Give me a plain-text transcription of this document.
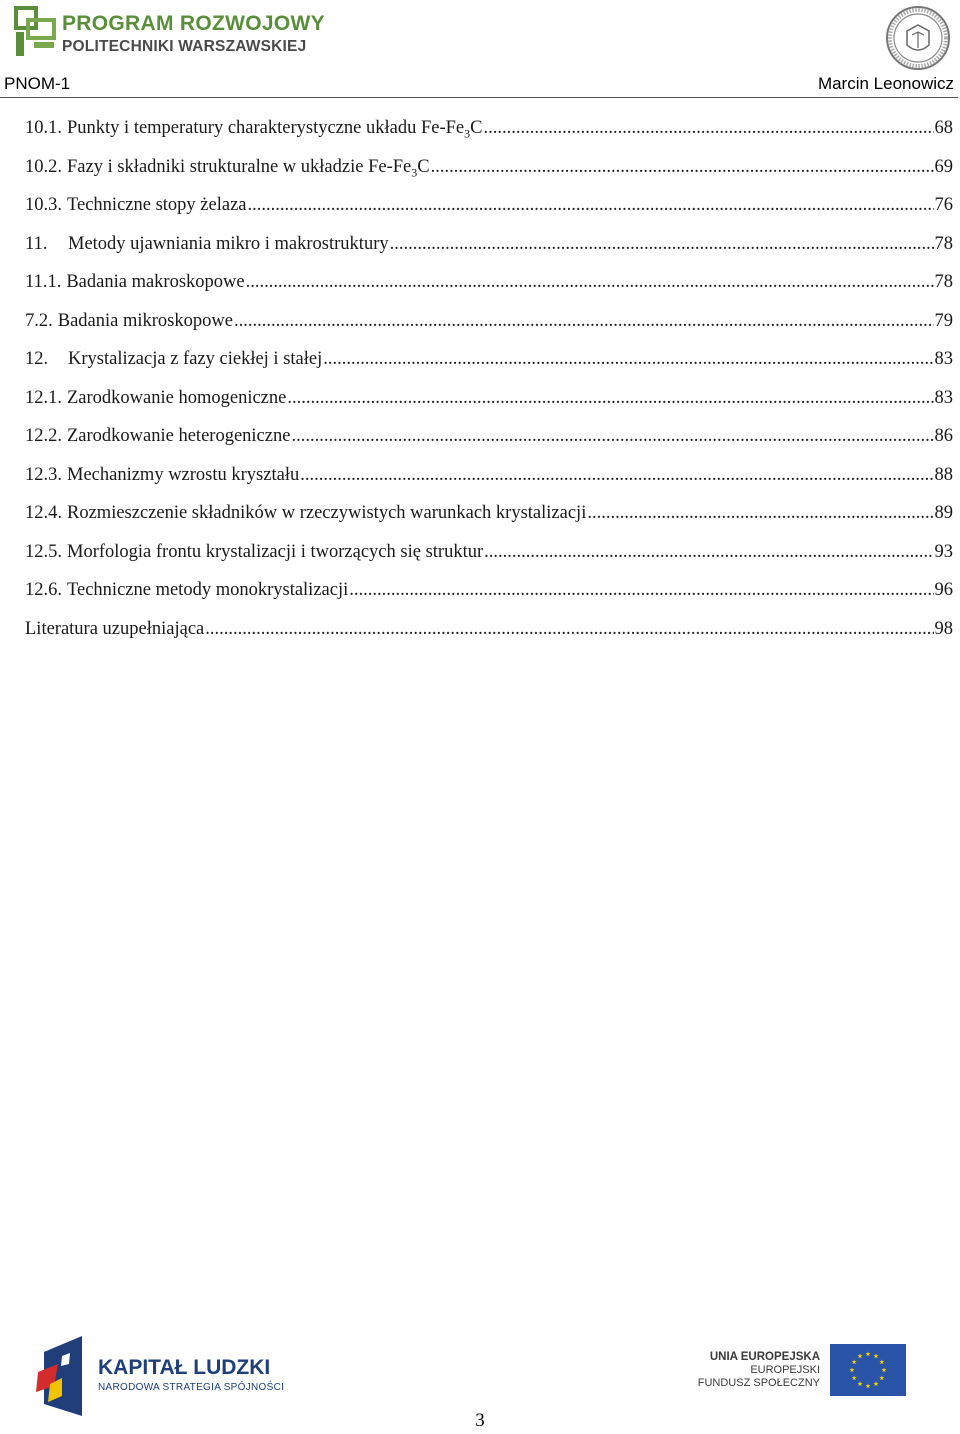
PROGRAM ROZWOJOWY
POLITECHNIKI WARSZAWSKIEJ
PNOM-1	Marcin Leonowicz
10.1. Punkty i temperatury charakterystyczne układu $Fe-Fe_3C$ .....	68
10.2. Fazy i składniki strukturalne w układzie $Fe-Fe_3C$ .....	69
10.3. Techniczne stopy żelaza .....	76
11.	Metody ujawniania mikro i makrostruktury .....	78
11.1. Badania makroskopowe .....	78
7.2. Badania mikroskopowe .....	79
12.	Krystalizacja z fazy ciekłej i stałej .....	83
12.1. Zarodkowanie homogeniczne .....	83
12.2. Zarodkowanie heterogeniczne .....	86
12.3. Mechanizmy wzrostu kryształu .....	88
12.4. Rozmieszczenie składników w rzeczywistych warunkach krystalizacji .....	89
12.5. Morfologia frontu krystalizacji i tworzących się struktur .....	93
12.6. Techniczne metody monokrystalizacji .....	96
Literatura uzupełniająca .....	98
KAPITAŁ LUDZKI
NARODOWA STRATEGIA SPÓJNOŚCI
UNIA EUROPEJSKA
EUROPEJSKI
FUNDUSZ SPOŁECZNY
3
